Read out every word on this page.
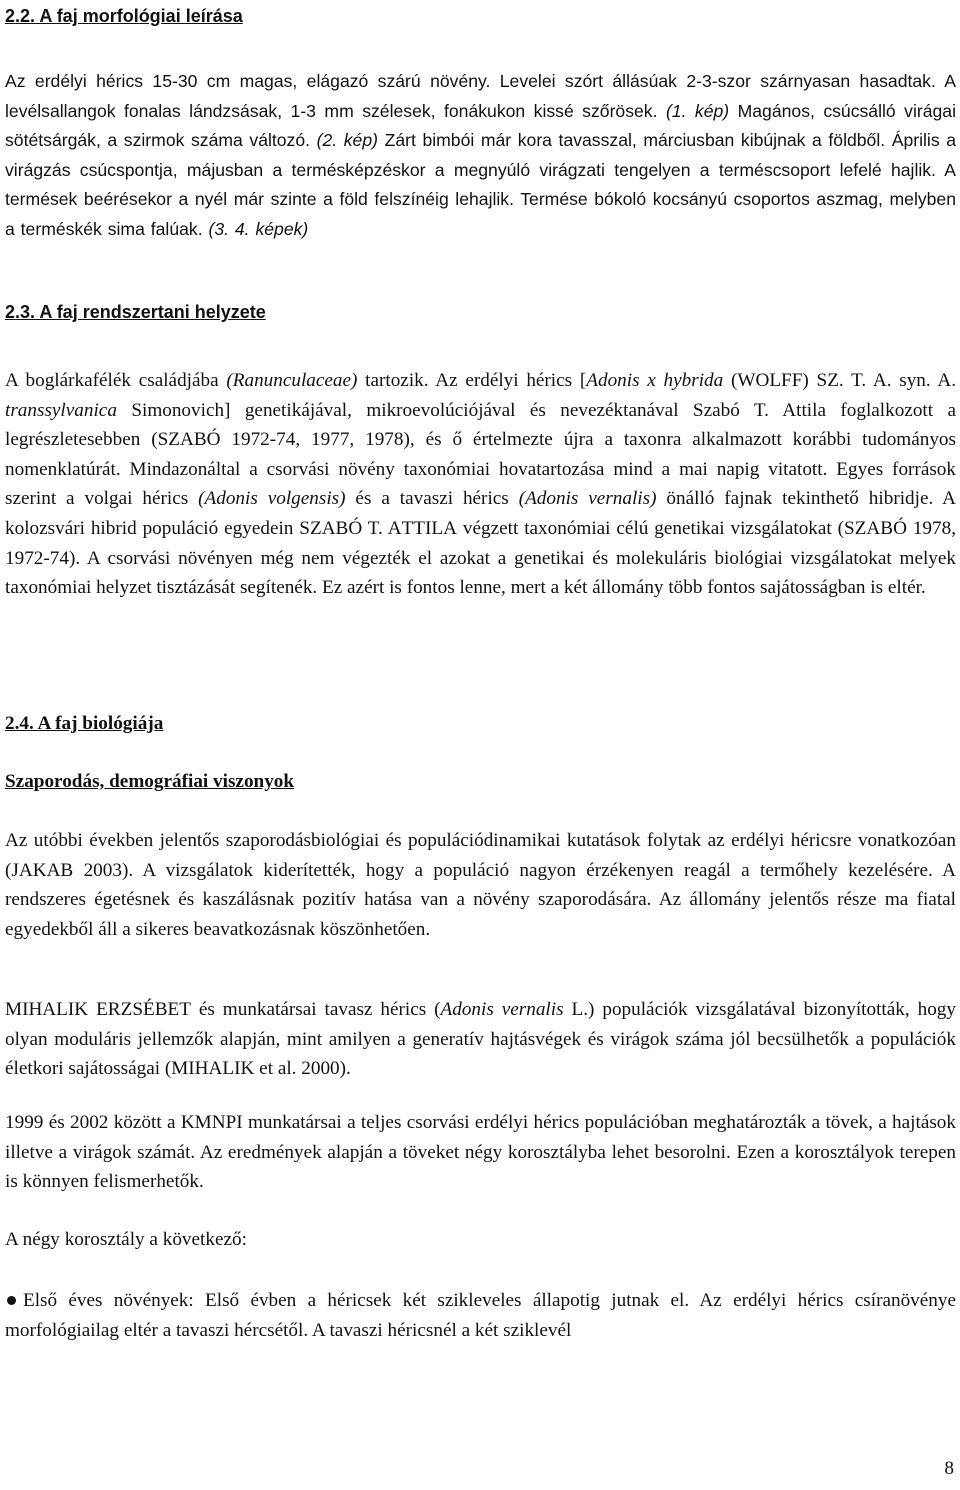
2.2. A faj morfológiai leírása

Az erdélyi hérics 15-30 cm magas, elágazó szárú növény. Levelei szórt állásúak 2-3-szor szárnyasan hasadtak. A levélsallangok fonalas lándzsásak, 1-3 mm szélesek, fonákukon kissé szőrösek. (1. kép) Magános, csúcsálló virágai sötétsárgák, a szirmok száma változó. (2. kép) Zárt bimbói már kora tavasszal, márciusban kibújnak a földből. Április a virágzás csúcspontja, májusban a termésképzéskor a megnyúló virágzati tengelyen a terméscsoport lefelé hajlik. A termések beérésekor a nyél már szinte a föld felszínéig lehajlik. Termése bókoló kocsányú csoportos aszmag, melyben a terméskék sima falúak. (3. 4. képek)

2.3. A faj rendszertani helyzete

A boglárkafélék családjába (Ranunculaceae) tartozik. Az erdélyi hérics [Adonis x hybrida (WOLFF) SZ. T. A. syn. A. transsylvanica Simonovich] genetikájával, mikroevolúciójával és nevezéktanával Szabó T. Attila foglalkozott a legrészletesebben (SZABÓ 1972-74, 1977, 1978), és ő értelmezte újra a taxonra alkalmazott korábbi tudományos nomenklatúrát. Mindazonáltal a csorvási növény taxonómiai hovatartozása mind a mai napig vitatott. Egyes források szerint a volgai hérics (Adonis volgensis) és a tavaszi hérics (Adonis vernalis) önálló fajnak tekinthető hibridje. A kolozsvári hibrid populáció egyedein SZABÓ T. ATTILA végzett taxonómiai célú genetikai vizsgálatokat (SZABÓ 1978, 1972-74). A csorvási növényen még nem végezték el azokat a genetikai és molekuláris biológiai vizsgálatokat melyek taxonómiai helyzet tisztázását segítenék. Ez azért is fontos lenne, mert a két állomány több fontos sajátosságban is eltér.

2.4. A faj biológiája
Szaporodás, demográfiai viszonyok

Az utóbbi években jelentős szaporodásbiológiai és populációdinamikai kutatások folytak az erdélyi héricsre vonatkozóan (JAKAB 2003). A vizsgálatok kiderítették, hogy a populáció nagyon érzékenyen reagál a termőhely kezelésére. A rendszeres égetésnek és kaszálásnak pozitív hatása van a növény szaporodására. Az állomány jelentős része ma fiatal egyedekből áll a sikeres beavatkozásnak köszönhetően.

MIHALIK ERZSÉBET és munkatársai tavasz hérics (Adonis vernalis L.) populációk vizsgálatával bizonyították, hogy olyan moduláris jellemzők alapján, mint amilyen a generatív hajtásvégek és virágok száma jól becsülhetők a populációk életkori sajátosságai (MIHALIK et al. 2000).

1999 és 2002 között a KMNPI munkatársai a teljes csorvási erdélyi hérics populációban meghatározták a tövek, a hajtások illetve a virágok számát. Az eredmények alapján a töveket négy korosztályba lehet besorolni. Ezen a korosztályok terepen is könnyen felismerhetők.

A négy korosztály a következő:

Első éves növények: Első évben a héricsek két szikleveles állapotig jutnak el. Az erdélyi hérics csíranövénye morfológiailag eltér a tavaszi hércsétől. A tavaszi héricsnél a két sziklevél

8
